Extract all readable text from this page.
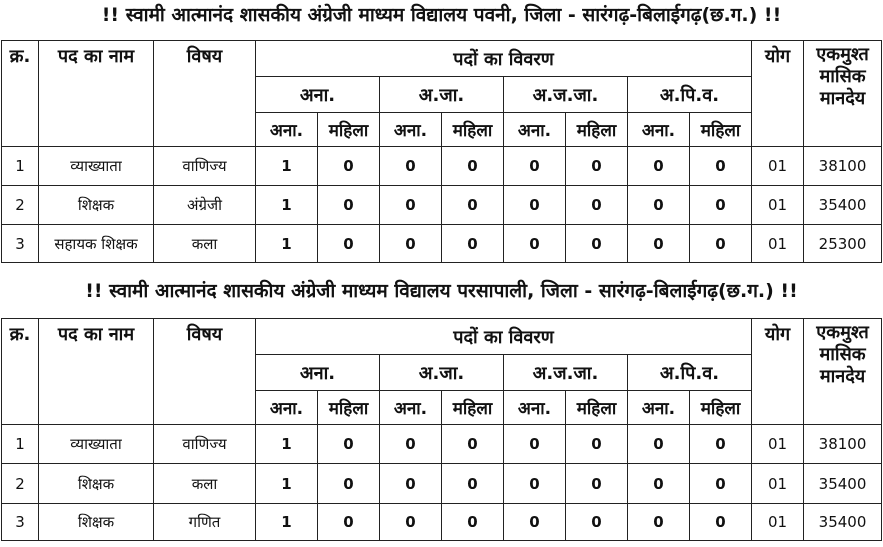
!! स्वामी आत्मानंद शासकीय अंग्रेजी माध्यम विद्यालय पवनी, जिला - सारंगढ़-बिलाईगढ़(छ.ग.) !!
क्र.	पद का नाम	विषय	पदों का विवरण								योग	एकमुश्त मासिक मानदेय
			अना.		अ.जा.		अ.ज.जा.		अ.पि.व.			
			अना.	महिला	अना.	महिला	अना.	महिला	अना.	महिला		
1	व्याख्याता	वाणिज्य	1	0	0	0	0	0	0	0	01	38100
2	शिक्षक	अंग्रेजी	1	0	0	0	0	0	0	0	01	35400
3	सहायक शिक्षक	कला	1	0	0	0	0	0	0	0	01	25300
!! स्वामी आत्मानंद शासकीय अंग्रेजी माध्यम विद्यालय परसापाली, जिला - सारंगढ़-बिलाईगढ़(छ.ग.) !!
क्र.	पद का नाम	विषय	पदों का विवरण								योग	एकमुश्त मासिक मानदेय
			अना.		अ.जा.		अ.ज.जा.		अ.पि.व.			
			अना.	महिला	अना.	महिला	अना.	महिला	अना.	महिला		
1	व्याख्याता	वाणिज्य	1	0	0	0	0	0	0	0	01	38100
2	शिक्षक	कला	1	0	0	0	0	0	0	0	01	35400
3	शिक्षक	गणित	1	0	0	0	0	0	0	0	01	35400
